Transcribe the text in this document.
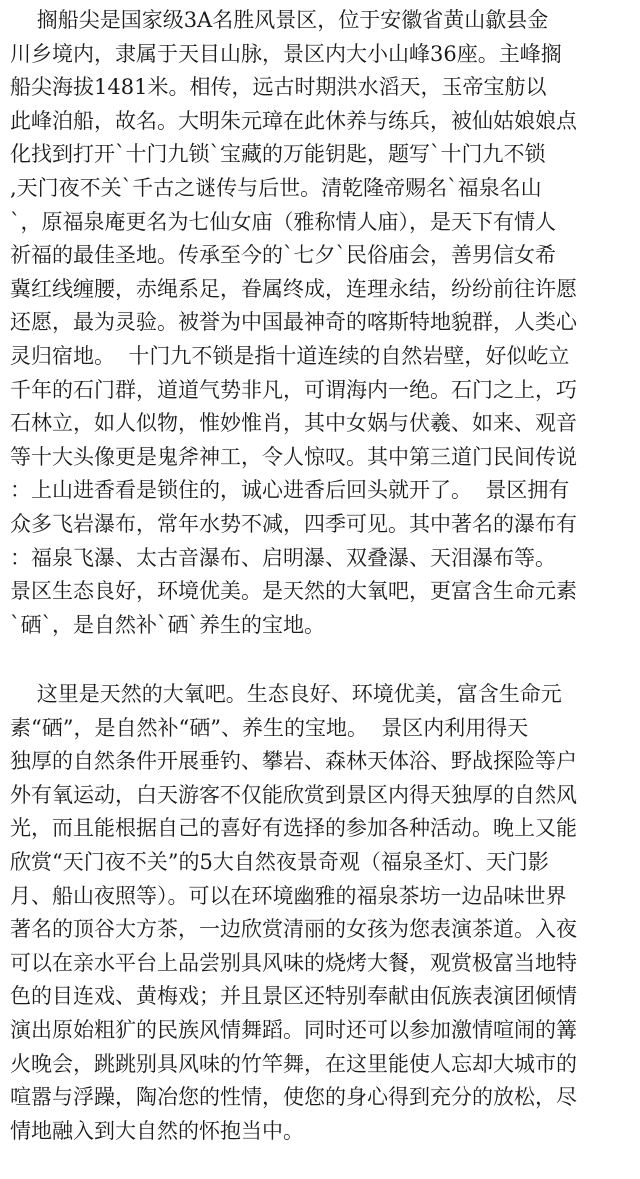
搁船尖是国家级3A名胜风景区，位于安徽省黄山歙县金
川乡境内，隶属于天目山脉，景区内大小山峰36座。主峰搁
船尖海拔1481米。相传，远古时期洪水滔天，玉帝宝舫以
此峰泊船，故名。大明朱元璋在此休养与练兵，被仙姑娘娘点
化找到打开`十门九锁`宝藏的万能钥匙，题写`十门九不锁
,天门夜不关`千古之谜传与后世。清乾隆帝赐名`福泉名山
`，原福泉庵更名为七仙女庙（雅称情人庙），是天下有情人
祈福的最佳圣地。传承至今的`七夕`民俗庙会，善男信女希
冀红线缠腰，赤绳系足，眷属终成，连理永结，纷纷前往许愿
还愿，最为灵验。被誉为中国最神奇的喀斯特地貌群，人类心
灵归宿地。  十门九不锁是指十道连续的自然岩壁，好似屹立
千年的石门群，道道气势非凡，可谓海内一绝。石门之上，巧
石林立，如人似物，惟妙惟肖，其中女娲与伏羲、如来、观音
等十大头像更是鬼斧神工，令人惊叹。其中第三道门民间传说
：上山进香看是锁住的，诚心进香后回头就开了。  景区拥有
众多飞岩瀑布，常年水势不减，四季可见。其中著名的瀑布有
：福泉飞瀑、太古音瀑布、启明瀑、双叠瀑、天泪瀑布等。
景区生态良好，环境优美。是天然的大氧吧，更富含生命元素
`硒`，是自然补`硒`养生的宝地。
这里是天然的大氧吧。生态良好、环境优美，富含生命元
素“硒”，是自然补“硒”、养生的宝地。  景区内利用得天
独厚的自然条件开展垂钓、攀岩、森林天体浴、野战探险等户
外有氧运动，白天游客不仅能欣赏到景区内得天独厚的自然风
光，而且能根据自己的喜好有选择的参加各种活动。晚上又能
欣赏“天门夜不关”的5大自然夜景奇观（福泉圣灯、天门影
月、船山夜照等）。可以在环境幽雅的福泉茶坊一边品味世界
著名的顶谷大方茶，一边欣赏清丽的女孩为您表演茶道。入夜
可以在亲水平台上品尝别具风味的烧烤大餐，观赏极富当地特
色的目连戏、黄梅戏；并且景区还特别奉献由佤族表演团倾情
演出原始粗犷的民族风情舞蹈。同时还可以参加激情喧闹的篝
火晚会，跳跳别具风味的竹竿舞，在这里能使人忘却大城市的
喧嚣与浮躁，陶冶您的性情，使您的身心得到充分的放松，尽
情地融入到大自然的怀抱当中。
